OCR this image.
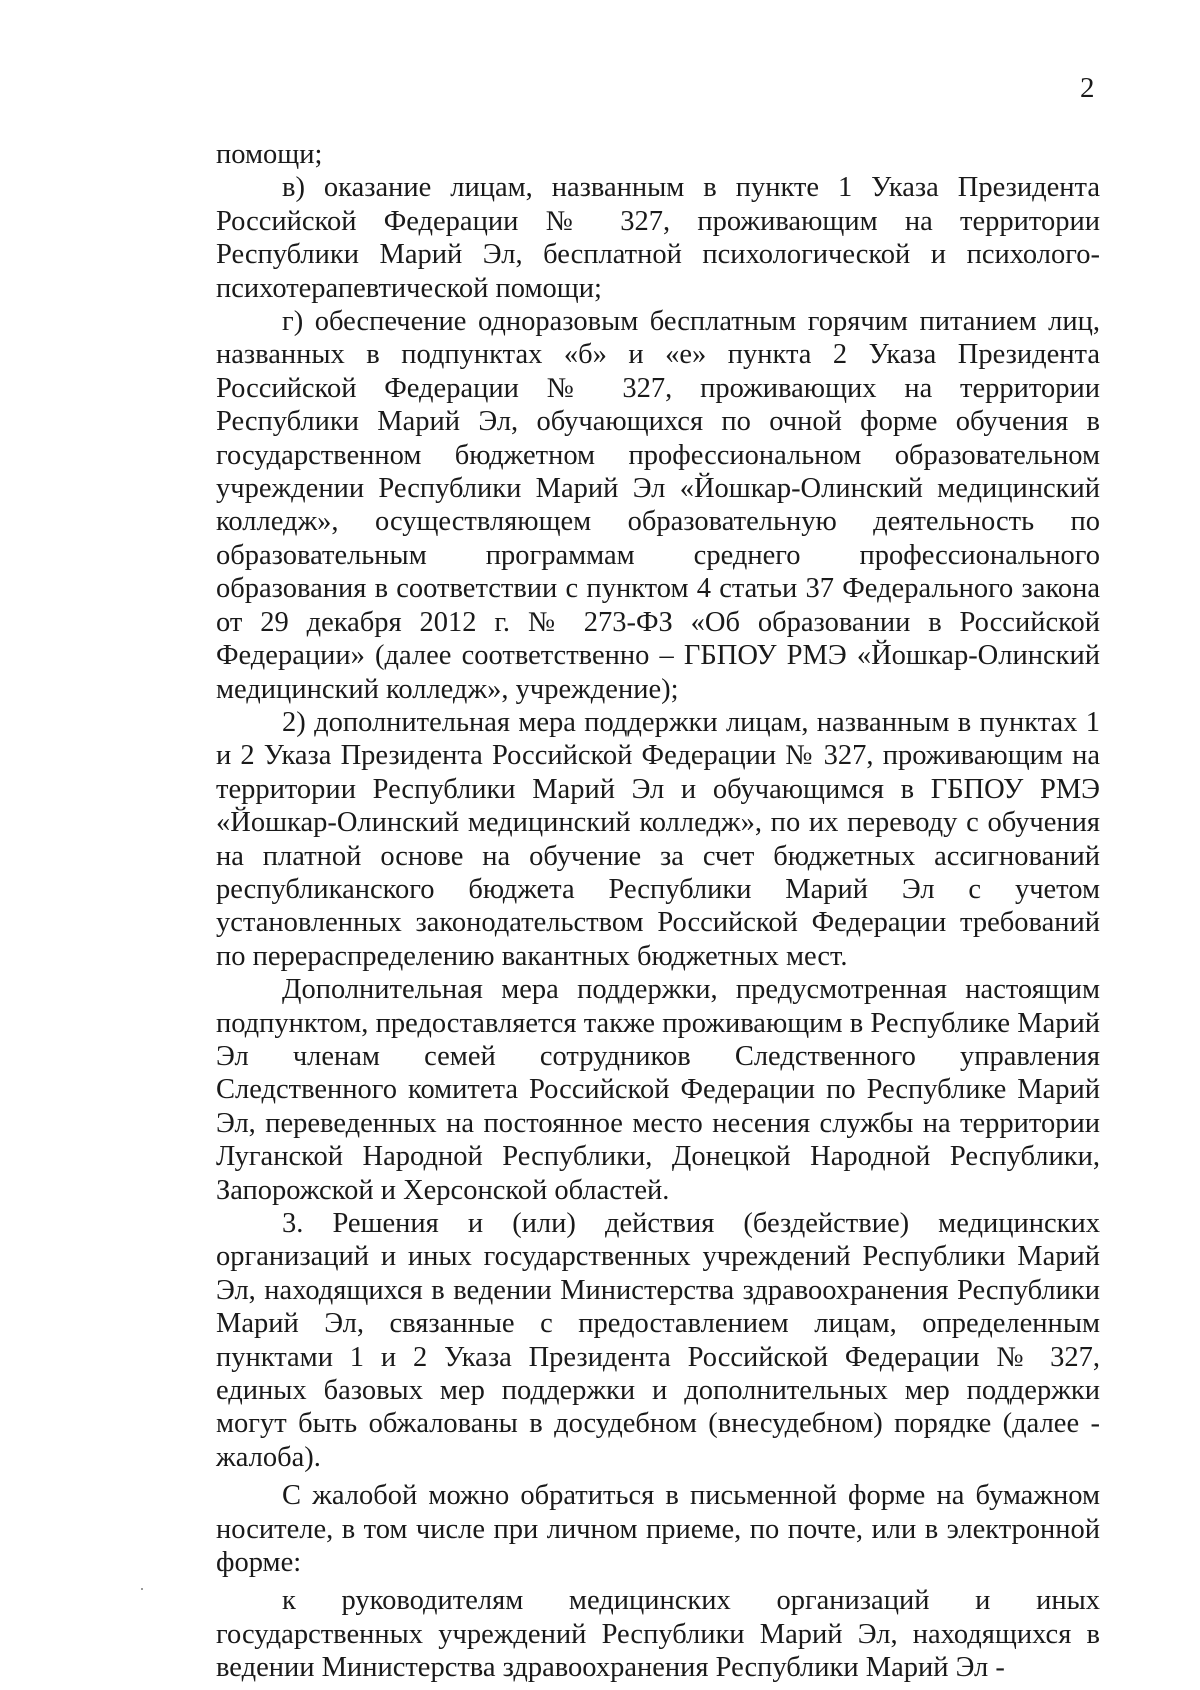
2

помощи;

в) оказание лицам, названным в пункте 1 Указа Президента Российской Федерации № 327, проживающим на территории Республики Марий Эл, бесплатной психологической и психолого-психотерапевтической помощи;

г) обеспечение одноразовым бесплатным горячим питанием лиц, названных в подпунктах «б» и «е» пункта 2 Указа Президента Российской Федерации № 327, проживающих на территории Республики Марий Эл, обучающихся по очной форме обучения в государственном бюджетном профессиональном образовательном учреждении Республики Марий Эл «Йошкар-Олинский медицинский колледж», осуществляющем образовательную деятельность по образовательным программам среднего профессионального образования в соответствии с пунктом 4 статьи 37 Федерального закона от 29 декабря 2012 г. № 273-ФЗ «Об образовании в Российской Федерации» (далее соответственно – ГБПОУ РМЭ «Йошкар-Олинский медицинский колледж», учреждение);

2) дополнительная мера поддержки лицам, названным в пунктах 1 и 2 Указа Президента Российской Федерации № 327, проживающим на территории Республики Марий Эл и обучающимся в ГБПОУ РМЭ «Йошкар-Олинский медицинский колледж», по их переводу с обучения на платной основе на обучение за счет бюджетных ассигнований республиканского бюджета Республики Марий Эл с учетом установленных законодательством Российской Федерации требований по перераспределению вакантных бюджетных мест.

Дополнительная мера поддержки, предусмотренная настоящим подпунктом, предоставляется также проживающим в Республике Марий Эл членам семей сотрудников Следственного управления Следственного комитета Российской Федерации по Республике Марий Эл, переведенных на постоянное место несения службы на территории Луганской Народной Республики, Донецкой Народной Республики, Запорожской и Херсонской областей.

3. Решения и (или) действия (бездействие) медицинских организаций и иных государственных учреждений Республики Марий Эл, находящихся в ведении Министерства здравоохранения Республики Марий Эл, связанные с предоставлением лицам, определенным пунктами 1 и 2 Указа Президента Российской Федерации № 327, единых базовых мер поддержки и дополнительных мер поддержки могут быть обжалованы в досудебном (внесудебном) порядке (далее - жалоба).

С жалобой можно обратиться в письменной форме на бумажном носителе, в том числе при личном приеме, по почте, или в электронной форме:

к руководителям медицинских организаций и иных государственных учреждений Республики Марий Эл, находящихся в ведении Министерства здравоохранения Республики Марий Эл -
